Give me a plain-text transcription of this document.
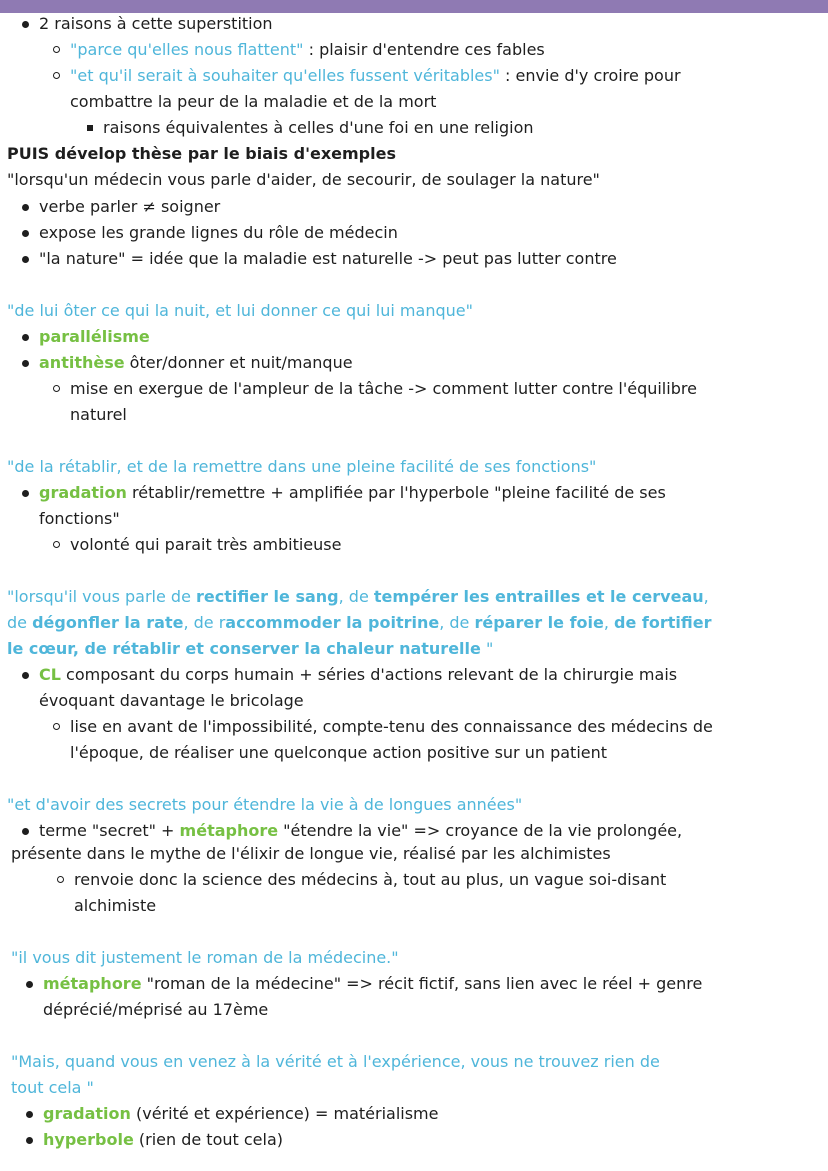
2 raisons à cette superstition
"parce qu'elles nous flattent" : plaisir d'entendre ces fables
"et qu'il serait à souhaiter qu'elles fussent véritables" : envie d'y croire pour
combattre la peur de la maladie et de la mort
raisons équivalentes à celles d'une foi en une religion
PUIS dévelop thèse par le biais d'exemples
"lorsqu'un médecin vous parle d'aider, de secourir, de soulager la nature"
verbe parler ≠ soigner
expose les grande lignes du rôle de médecin
"la nature" = idée que la maladie est naturelle -> peut pas lutter contre
"de lui ôter ce qui la nuit, et lui donner ce qui lui manque"
parallélisme
antithèse ôter/donner et nuit/manque
mise en exergue de l'ampleur de la tâche -> comment lutter contre l'équilibre
naturel
"de la rétablir, et de la remettre dans une pleine facilité de ses fonctions"
gradation rétablir/remettre + amplifiée par l'hyperbole "pleine facilité de ses
fonctions"
volonté qui parait très ambitieuse
"lorsqu'il vous parle de rectifier le sang, de tempérer les entrailles et le cerveau,
de dégonfler la rate, de raccommoder la poitrine, de réparer le foie, de fortifier
le cœur, de rétablir et conserver la chaleur naturelle "
CL composant du corps humain + séries d'actions relevant de la chirurgie mais
évoquant davantage le bricolage
lise en avant de l'impossibilité, compte-tenu des connaissance des médecins de
l'époque, de réaliser une quelconque action positive sur un patient
"et d'avoir des secrets pour étendre la vie à de longues années"
terme "secret" + métaphore "étendre la vie" => croyance de la vie prolongée,
présente dans le mythe de l'élixir de longue vie, réalisé par les alchimistes
renvoie donc la science des médecins à, tout au plus, un vague soi-disant
alchimiste
"il vous dit justement le roman de la médecine."
métaphore "roman de la médecine" => récit fictif, sans lien avec le réel + genre
déprécié/méprisé au 17ème
"Mais, quand vous en venez à la vérité et à l'expérience, vous ne trouvez rien de
tout cela "
gradation (vérité et expérience) = matérialisme
hyperbole (rien de tout cela)
